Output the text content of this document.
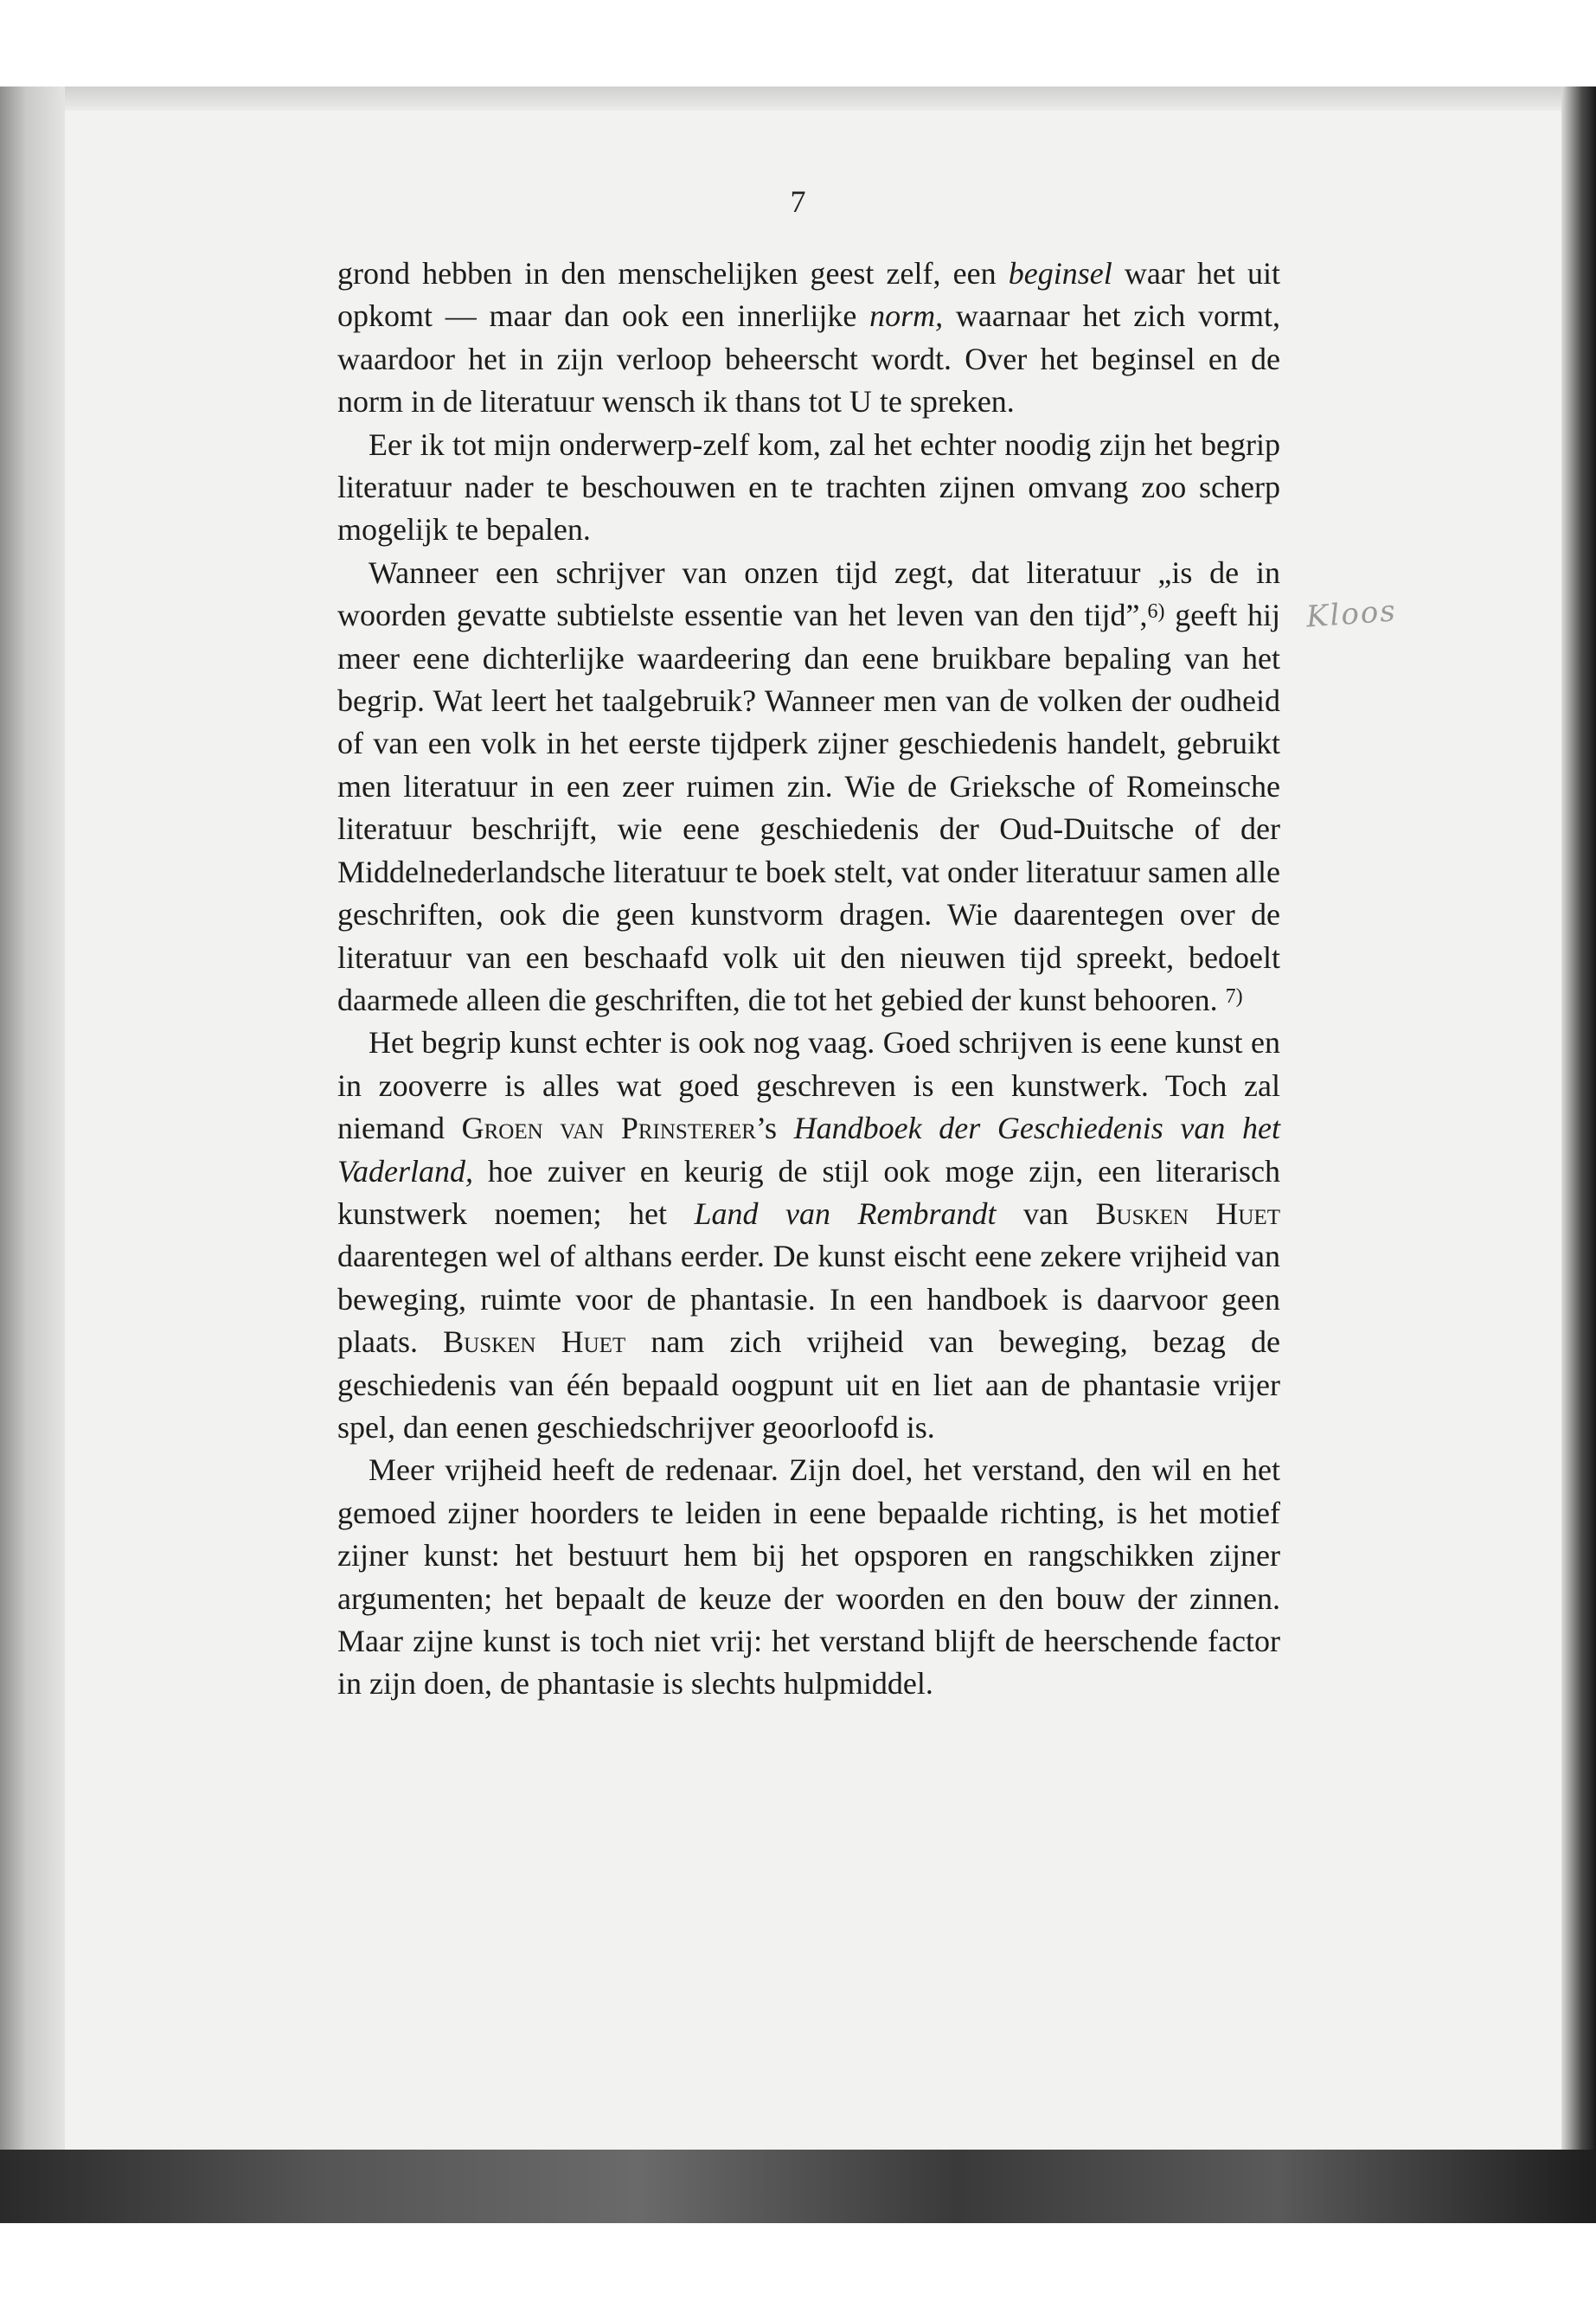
7
Kloos

grond hebben in den menschelijken geest zelf, een beginsel waar het uit opkomt — maar dan ook een innerlijke norm, waarnaar het zich vormt, waardoor het in zijn verloop beheerscht wordt. Over het beginsel en de norm in de literatuur wensch ik thans tot U te spreken.

Eer ik tot mijn onderwerp-zelf kom, zal het echter noodig zijn het begrip literatuur nader te beschouwen en te trachten zijnen omvang zoo scherp mogelijk te bepalen.

Wanneer een schrijver van onzen tijd zegt, dat literatuur „is de in woorden gevatte subtielste essentie van het leven van den tijd”,$^{6)}$ geeft hij meer eene dichterlijke waardeering dan eene bruikbare bepaling van het begrip. Wat leert het taalgebruik? Wanneer men van de volken der oudheid of van een volk in het eerste tijdperk zijner geschiedenis handelt, gebruikt men literatuur in een zeer ruimen zin. Wie de Grieksche of Romeinsche literatuur beschrijft, wie eene geschiedenis der Oud-Duitsche of der Middelnederlandsche literatuur te boek stelt, vat onder literatuur samen alle geschriften, ook die geen kunstvorm dragen. Wie daarentegen over de literatuur van een beschaafd volk uit den nieuwen tijd spreekt, bedoelt daarmede alleen die geschriften, die tot het gebied der kunst behooren. $^{7)}$

Het begrip kunst echter is ook nog vaag. Goed schrijven is eene kunst en in zooverre is alles wat goed geschreven is een kunstwerk. Toch zal niemand Groen van Prinsterer’s Handboek der Geschiedenis van het Vaderland, hoe zuiver en keurig de stijl ook moge zijn, een literarisch kunstwerk noemen; het Land van Rembrandt van Busken Huet daarentegen wel of althans eerder. De kunst eischt eene zekere vrijheid van beweging, ruimte voor de phantasie. In een handboek is daarvoor geen plaats. Busken Huet nam zich vrijheid van beweging, bezag de geschiedenis van één bepaald oogpunt uit en liet aan de phantasie vrijer spel, dan eenen geschiedschrijver geoorloofd is.

Meer vrijheid heeft de redenaar. Zijn doel, het verstand, den wil en het gemoed zijner hoorders te leiden in eene bepaalde richting, is het motief zijner kunst: het bestuurt hem bij het opsporen en rangschikken zijner argumenten; het bepaalt de keuze der woorden en den bouw der zinnen. Maar zijne kunst is toch niet vrij: het verstand blijft de heerschende factor in zijn doen, de phantasie is slechts hulpmiddel.
